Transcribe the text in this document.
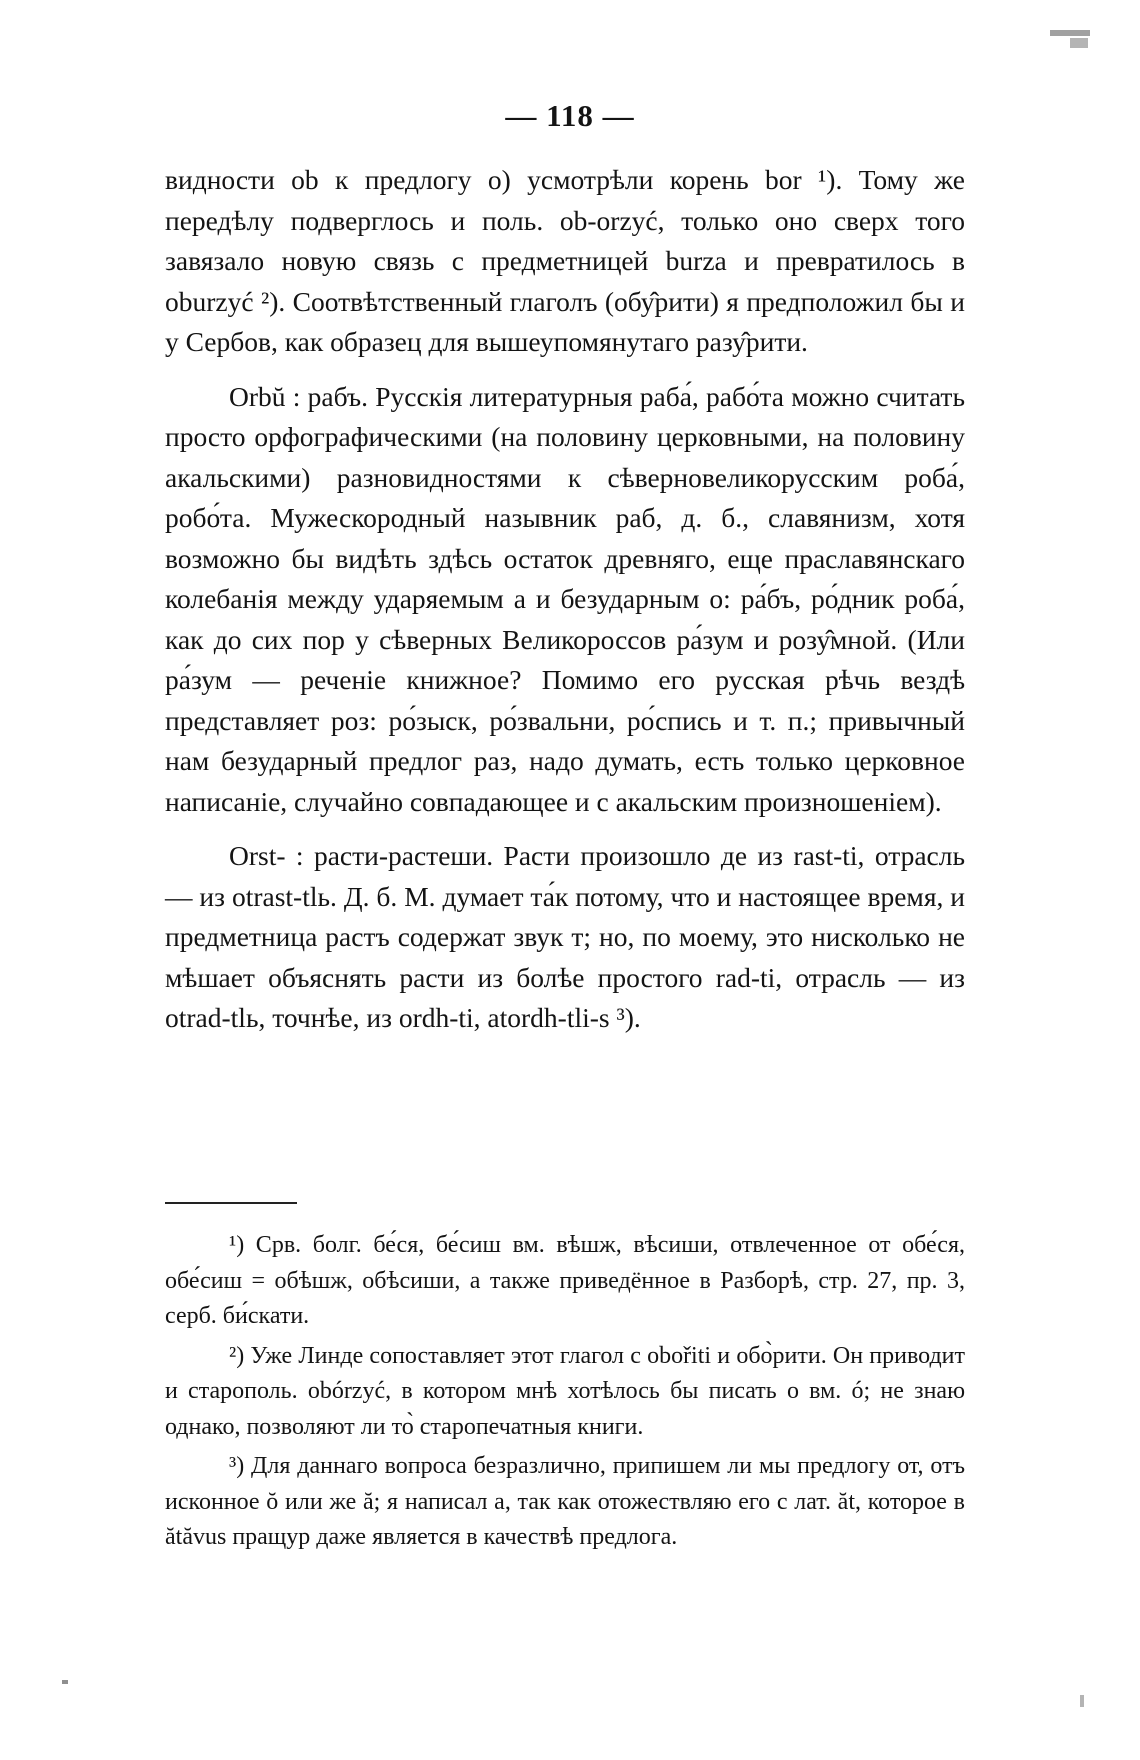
— 118 —

видности ob к предлогу о) усмотрѣли корень bor ¹). Тому же передѣлу подверглось и поль. ob-orzyć, только оно сверх того завязало новую связь с предметницей burza и превратилось в oburzyć ²). Соотвѣтственный глаголъ (обу̂рити) я предположил бы и у Сербов, как образец для вышеупомянутаго разу̂рити.

Orbŭ : рабъ. Русскія литературныя раба́, рабо́та можно считать просто орфографическими (на половину церковными, на половину акальскими) разновидностями к сѣверновеликорусским роба́, робо́та. Мужескородный назывник раб, д. б., славянизм, хотя возможно бы видѣть здѣсь остаток древняго, еще праславянскаго колебанія между ударяемым а и безударным о: ра́бъ, ро́дник роба́, как до сих пор у сѣверных Великороссов ра́зум и розу̂мной. (Или ра́зум — реченіе книжное? Помимо его русская рѣчь вездѣ представляет роз: ро́зыск, ро́звальни, ро́спись и т. п.; привычный нам безударный предлог раз, надо думать, есть только церковное написаніе, случайно совпадающее и с акальским произношеніем).

Orst- : расти-растеши. Расти произошло де из rast-ti, отрасль — из otrast-tlь. Д. б. М. думает та́к потому, что и настоящее время, и предметница растъ содержат звук т; но, по моему, это нисколько не мѣшает объяснять расти из болѣе простого rad-ti, отрасль — из otrad-tlь, точнѣе, из ordh-ti, atordh-tli-s ³).

¹) Срв. болг. бе́ся, бе́сиш вм. вѣшж, вѣсиши, отвлеченное от обе́ся, обе́сиш = обѣшж, обѣсиши, а также приведённое в Разборѣ, стр. 27, пр. 3, серб. би́скати.

²) Уже Линде сопоставляет этот глагол с obořiti и обо̀рити. Он приводит и старополь. obórzyć, в котором мнѣ хотѣлось бы писать о вм. ó; не знаю однако, позволяют ли то̀ старопечатныя книги.

³) Для даннаго вопроса безразлично, припишем ли мы предлогу от, отъ исконное ŏ или же ă; я написал а, так как отожествляю его с лат. ăt, которое в ătăvus пращур даже является в качествѣ предлога.
